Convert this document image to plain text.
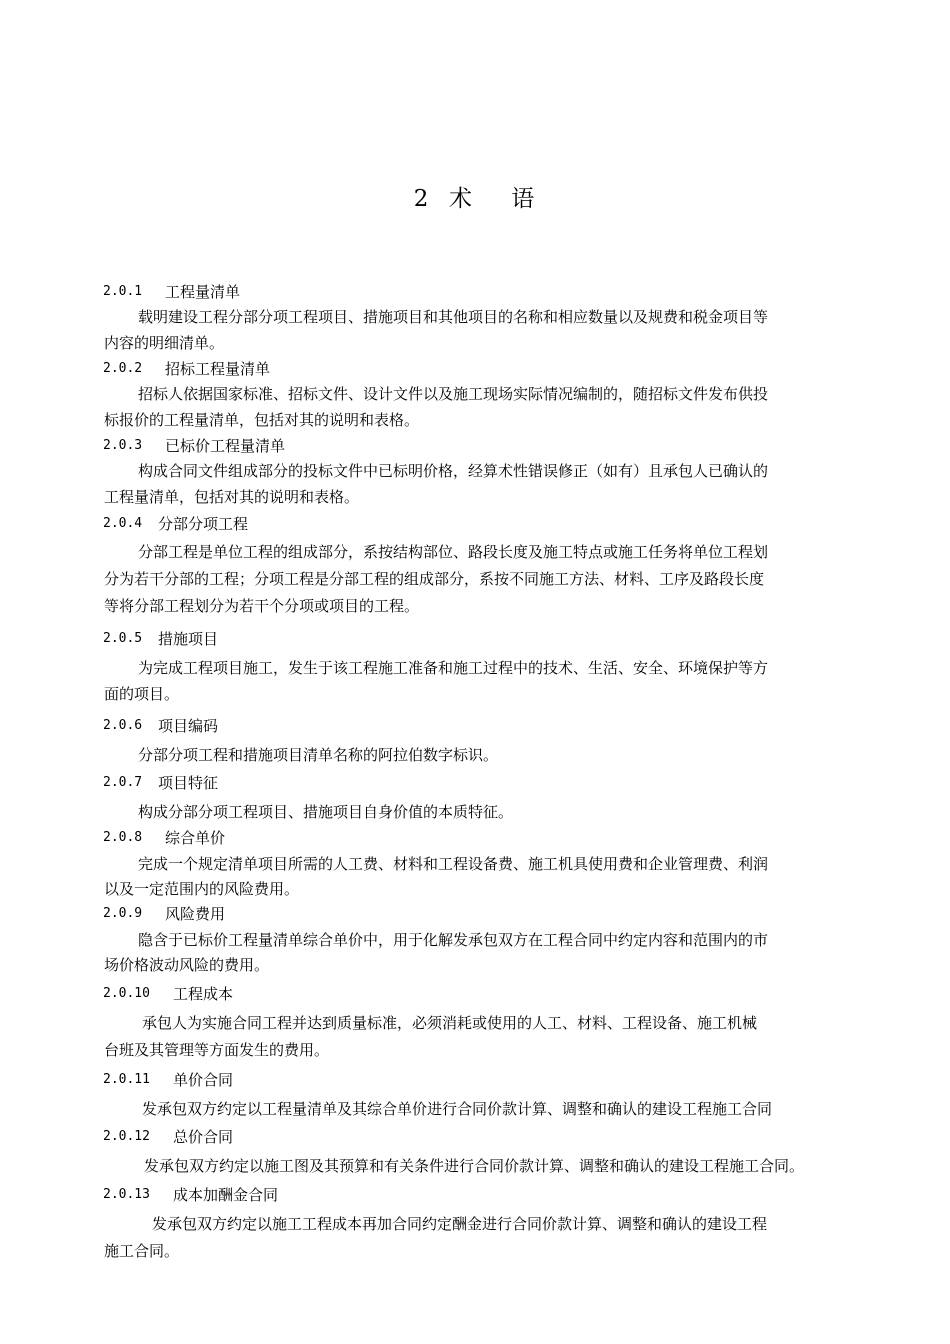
2  术    语
2.0.1 工程量清单
载明建设工程分部分项工程项目、措施项目和其他项目的名称和相应数量以及规费和税金项目等
内容的明细清单。
2.0.2 招标工程量清单
招标人依据国家标准、招标文件、设计文件以及施工现场实际情况编制的，随招标文件发布供投
标报价的工程量清单，包括对其的说明和表格。
2.0.3 已标价工程量清单
构成合同文件组成部分的投标文件中已标明价格，经算术性错误修正（如有）且承包人已确认的
工程量清单，包括对其的说明和表格。
2.0.4 分部分项工程
分部工程是单位工程的组成部分，系按结构部位、路段长度及施工特点或施工任务将单位工程划
分为若干分部的工程；分项工程是分部工程的组成部分，系按不同施工方法、材料、工序及路段长度
等将分部工程划分为若干个分项或项目的工程。
2.0.5 措施项目
为完成工程项目施工，发生于该工程施工准备和施工过程中的技术、生活、安全、环境保护等方
面的项目。
2.0.6 项目编码
分部分项工程和措施项目清单名称的阿拉伯数字标识。
2.0.7 项目特征
构成分部分项工程项目、措施项目自身价值的本质特征。
2.0.8 综合单价
完成一个规定清单项目所需的人工费、材料和工程设备费、施工机具使用费和企业管理费、利润
以及一定范围内的风险费用。
2.0.9 风险费用
隐含于已标价工程量清单综合单价中，用于化解发承包双方在工程合同中约定内容和范围内的市
场价格波动风险的费用。
2.0.10 工程成本
承包人为实施合同工程并达到质量标准，必须消耗或使用的人工、材料、工程设备、施工机械
台班及其管理等方面发生的费用。
2.0.11 单价合同
发承包双方约定以工程量清单及其综合单价进行合同价款计算、调整和确认的建设工程施工合同
2.0.12 总价合同
发承包双方约定以施工图及其预算和有关条件进行合同价款计算、调整和确认的建设工程施工合同。
2.0.13 成本加酬金合同
发承包双方约定以施工工程成本再加合同约定酬金进行合同价款计算、调整和确认的建设工程
施工合同。
